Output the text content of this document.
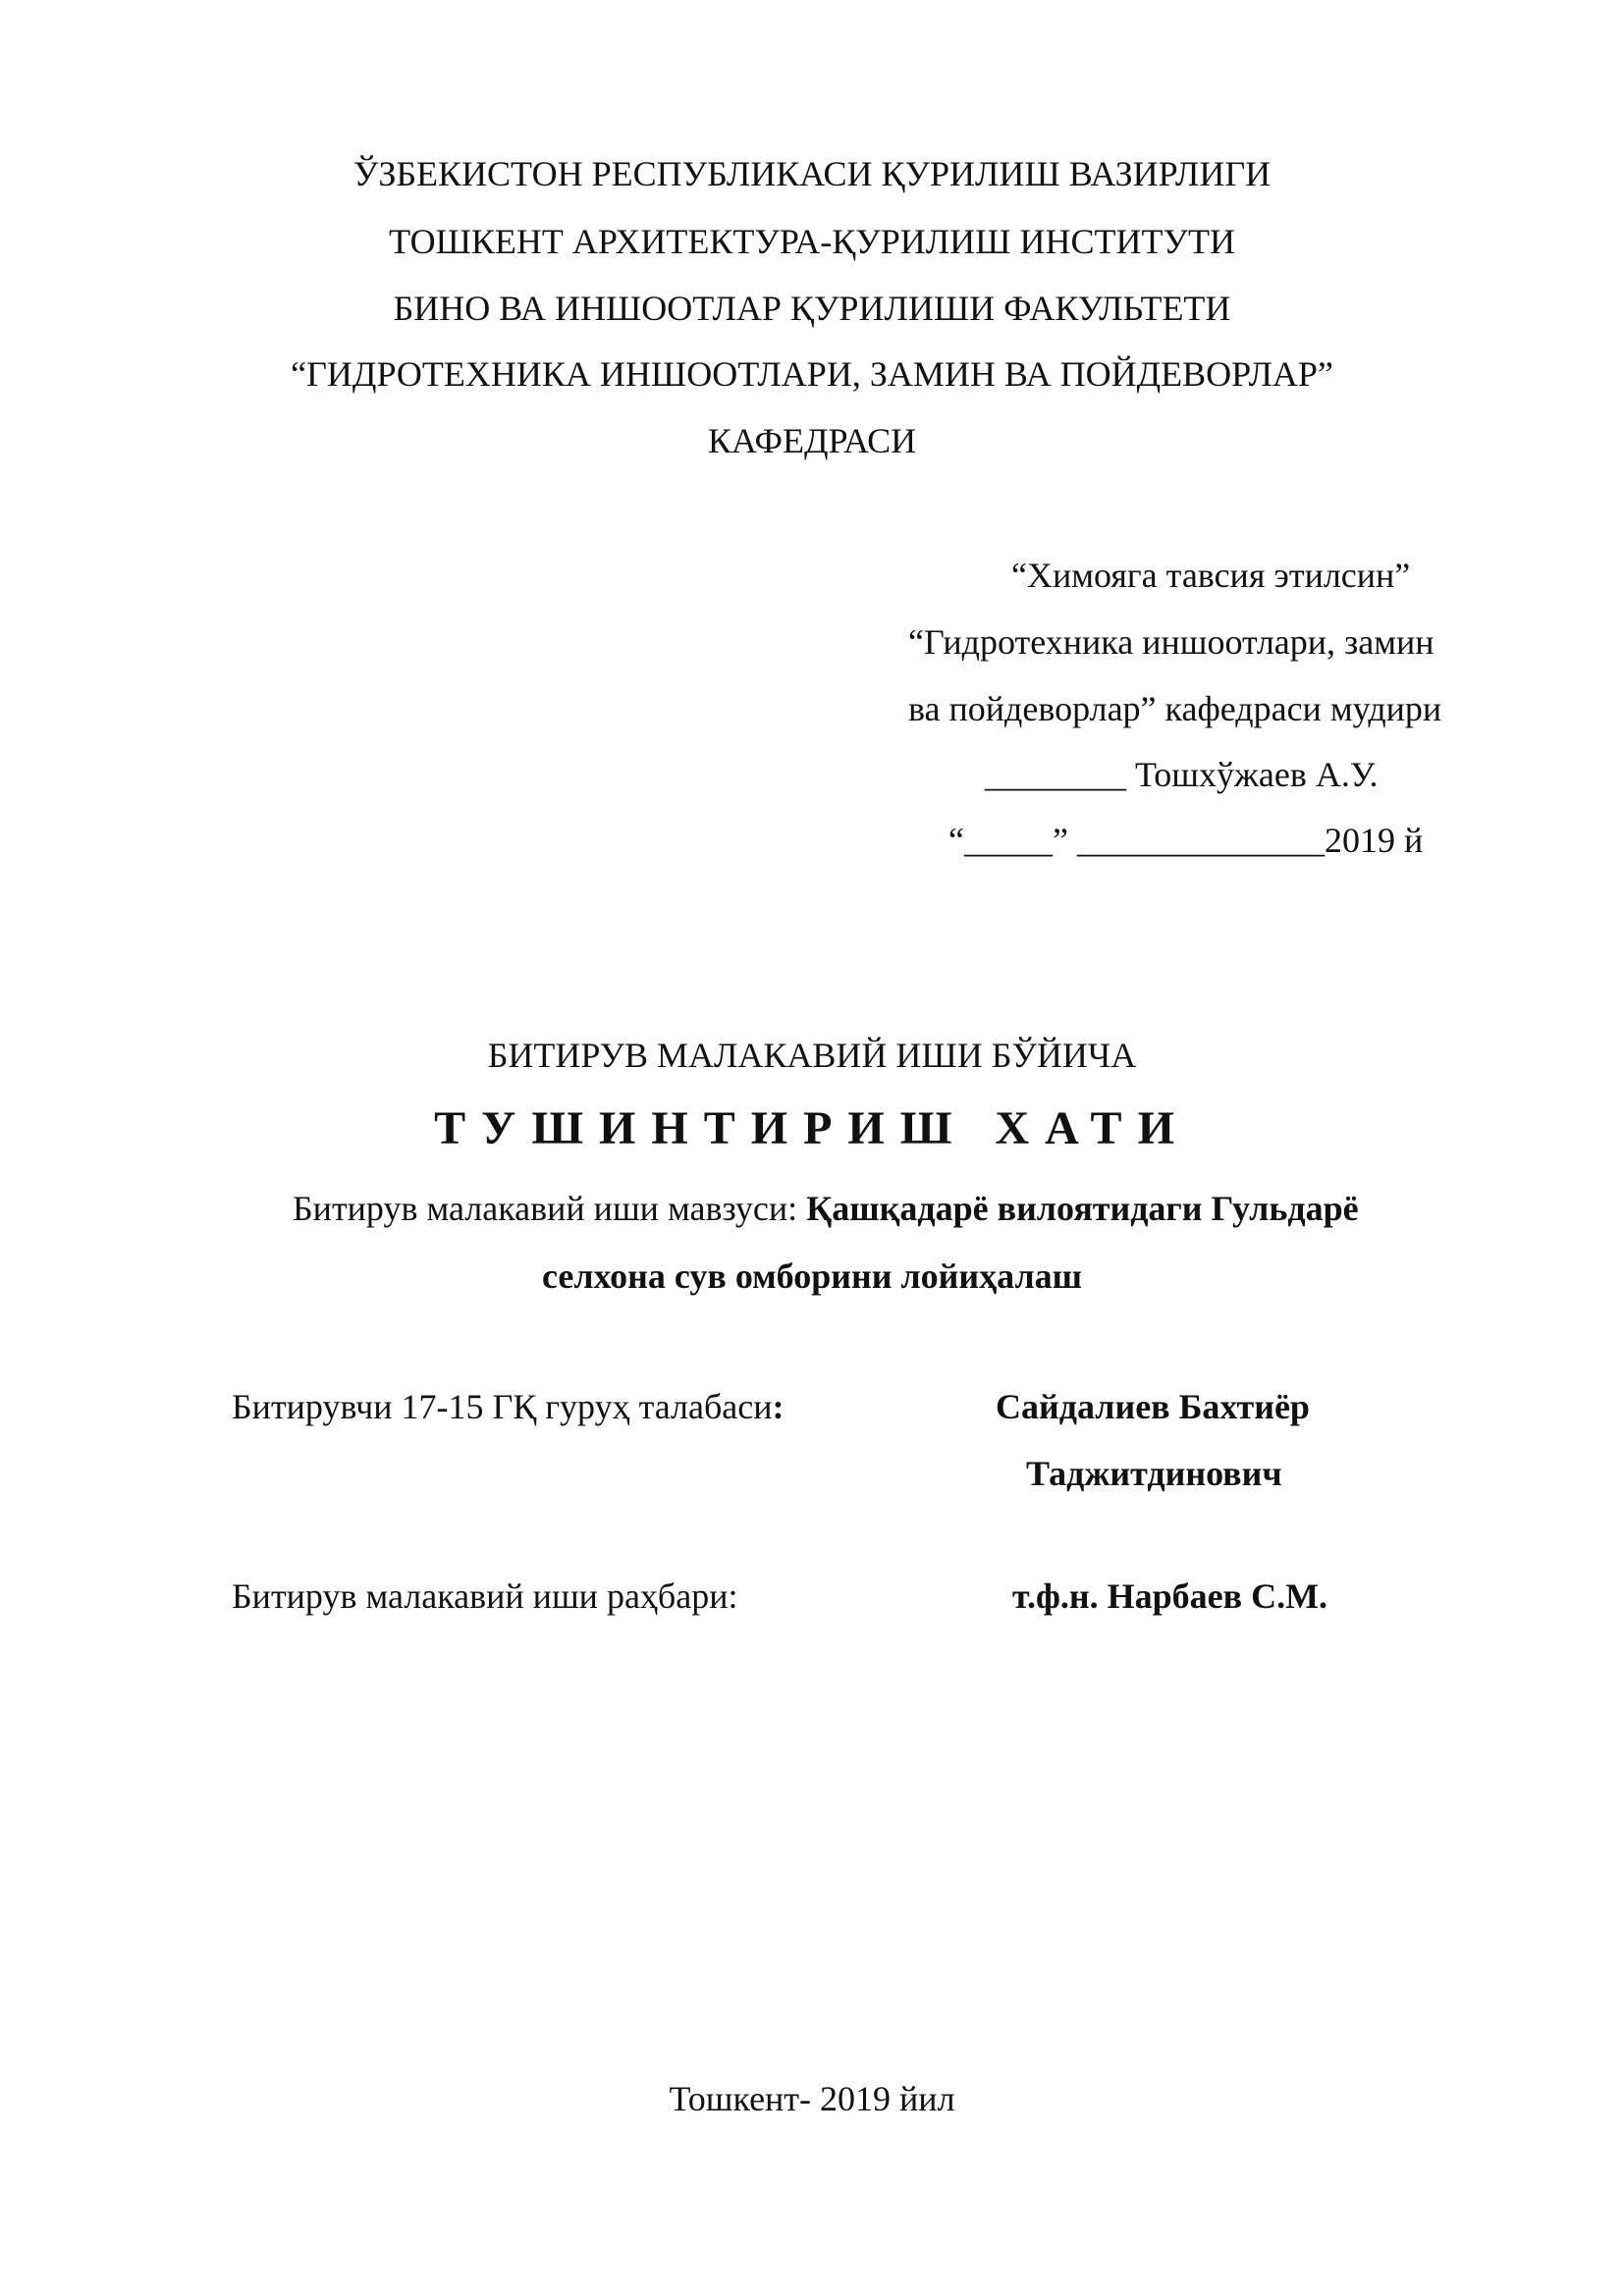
ЎЗБЕКИСТОН РЕСПУБЛИКАСИ ҚУРИЛИШ ВАЗИРЛИГИ
ТОШКЕНТ АРХИТЕКТУРА-ҚУРИЛИШ ИНСТИТУТИ
БИНО ВА ИНШООТЛАР ҚУРИЛИШИ ФАКУЛЬТЕТИ
“ГИДРОТЕХНИКА ИНШООТЛАРИ, ЗАМИН ВА ПОЙДЕВОРЛАР”
КАФЕДРАСИ
“Химояга тавсия этилсин”
“Гидротехника иншоотлари, замин
ва пойдеворлар” кафедраси мудири
________ Тошхўжаев А.У.
“_____” ______________2019 й
БИТИРУВ МАЛАКАВИЙ ИШИ БЎЙИЧА
ТУШИНТИРИШ ХАТИ
Битирув малакавий иши мавзуси: Қашқадарё вилоятидаги Гульдарё
селхона сув омборини лойиҳалаш
Битирувчи 17-15 ГҚ гуруҳ талабаси:	Сайдалиев Бахтиёр
Таджитдинович
Битирув малакавий иши раҳбари:	т.ф.н. Нарбаев С.М.
Тошкент- 2019 йил
